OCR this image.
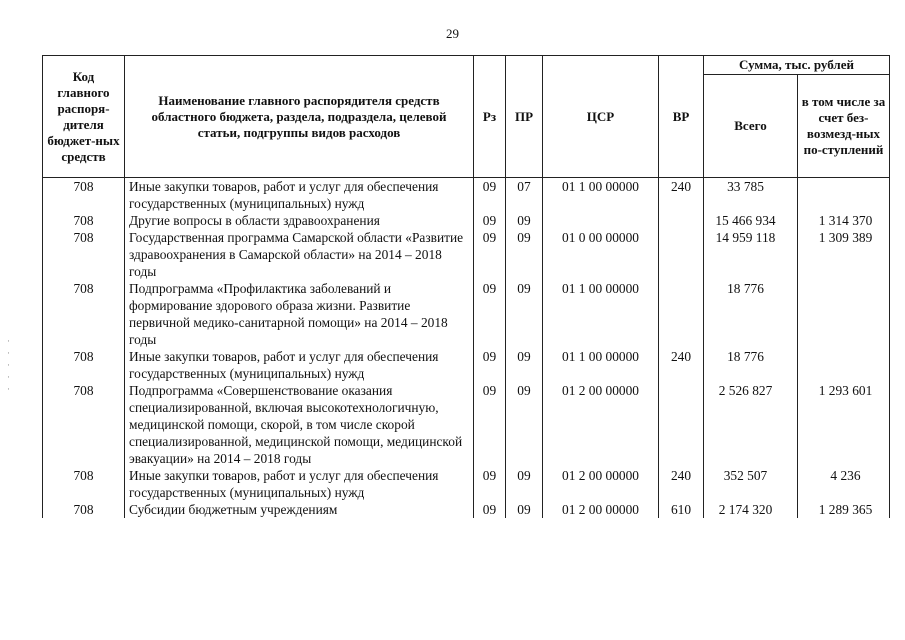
29
Код главного распоря-дителя бюджет-ных средств	Наименование главного распорядителя средств областного бюджета, раздела, подраздела, целевой статьи, подгруппы видов расходов	Рз	ПР	ЦСР	ВР	Сумма, тыс. рублей	
						Всего	в том числе за счет без-возмезд-ных по-ступлений
708	Иные закупки товаров, работ и услуг для обеспечения государственных (муниципальных) нужд	09	07	01 1 00 00000	240	33 785	
708	Другие вопросы в области здравоохранения	09	09			15 466 934	1 314 370
708	Государственная программа Самарской области «Развитие здравоохранения в Самарской области» на 2014 – 2018 годы	09	09	01 0 00 00000		14 959 118	1 309 389
708	Подпрограмма «Профилактика заболеваний и формирование здорового образа жизни. Развитие первичной медико-санитарной помощи» на 2014 – 2018 годы	09	09	01 1 00 00000		18 776	
708	Иные закупки товаров, работ и услуг для обеспечения государственных (муниципальных) нужд	09	09	01 1 00 00000	240	18 776	
708	Подпрограмма «Совершенствование оказания специализированной, включая высокотехнологичную, медицинской помощи, скорой, в том числе скорой специализированной, медицинской помощи, медицинской эвакуации» на 2014 – 2018 годы	09	09	01 2 00 00000		2 526 827	1 293 601
708	Иные закупки товаров, работ и услуг для обеспечения государственных (муниципальных) нужд	09	09	01 2 00 00000	240	352 507	4 236
708	Субсидии бюджетным учреждениям	09	09	01 2 00 00000	610	2 174 320	1 289 365
·
·
·
·
·
